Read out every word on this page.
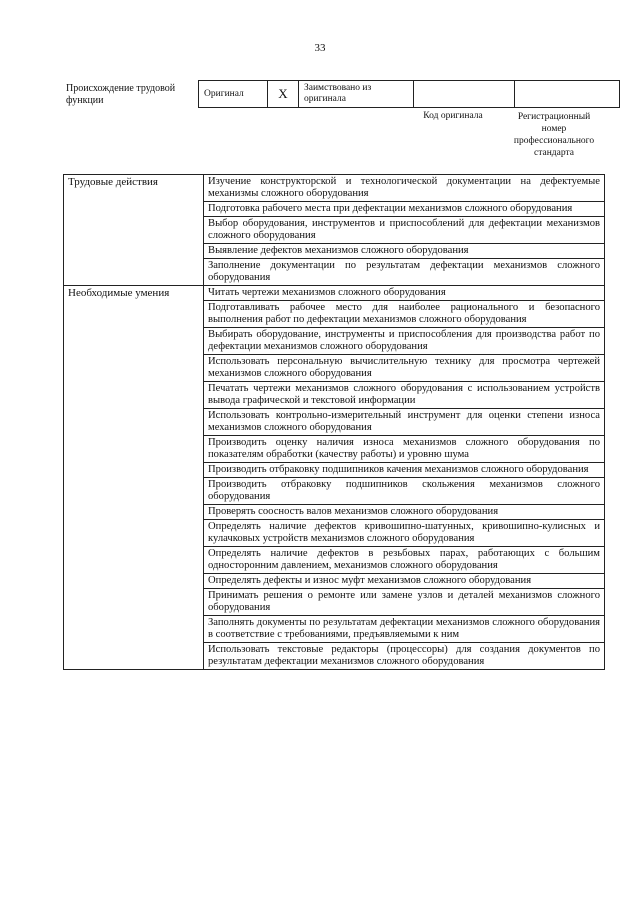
33
Происхождение трудовой функции
Оригинал	X	Заимствовано из оригинала		
Код оригинала	Регистрационный номер профессионального стандарта
Трудовые действия	Изучение конструкторской и технологической документации на дефектуемые механизмы сложного оборудования
	Подготовка рабочего места при дефектации механизмов сложного оборудования
	Выбор оборудования, инструментов и приспособлений для дефектации механизмов сложного оборудования
	Выявление дефектов механизмов сложного оборудования
	Заполнение документации по результатам дефектации механизмов сложного оборудования
Необходимые умения	Читать чертежи механизмов сложного оборудования
	Подготавливать рабочее место для наиболее рационального и безопасного выполнения работ по дефектации механизмов сложного оборудования
	Выбирать оборудование, инструменты и приспособления для производства работ по дефектации механизмов сложного оборудования
	Использовать персональную вычислительную технику для просмотра чертежей механизмов сложного оборудования
	Печатать чертежи механизмов сложного оборудования с использованием устройств вывода графической и текстовой информации
	Использовать контрольно-измерительный инструмент для оценки степени износа механизмов сложного оборудования
	Производить оценку наличия износа механизмов сложного оборудования по показателям обработки (качеству работы) и уровню шума
	Производить отбраковку подшипников качения механизмов сложного оборудования
	Производить отбраковку подшипников скольжения механизмов сложного оборудования
	Проверять соосность валов механизмов сложного оборудования
	Определять наличие дефектов кривошипно-шатунных, кривошипно-кулисных и кулачковых устройств механизмов сложного оборудования
	Определять наличие дефектов в резьбовых парах, работающих с большим односторонним давлением, механизмов сложного оборудования
	Определять дефекты и износ муфт механизмов сложного оборудования
	Принимать решения о ремонте или замене узлов и деталей механизмов сложного оборудования
	Заполнять документы по результатам дефектации механизмов сложного оборудования в соответствие с требованиями, предъявляемыми к ним
	Использовать текстовые редакторы (процессоры) для создания документов по результатам дефектации механизмов сложного оборудования
